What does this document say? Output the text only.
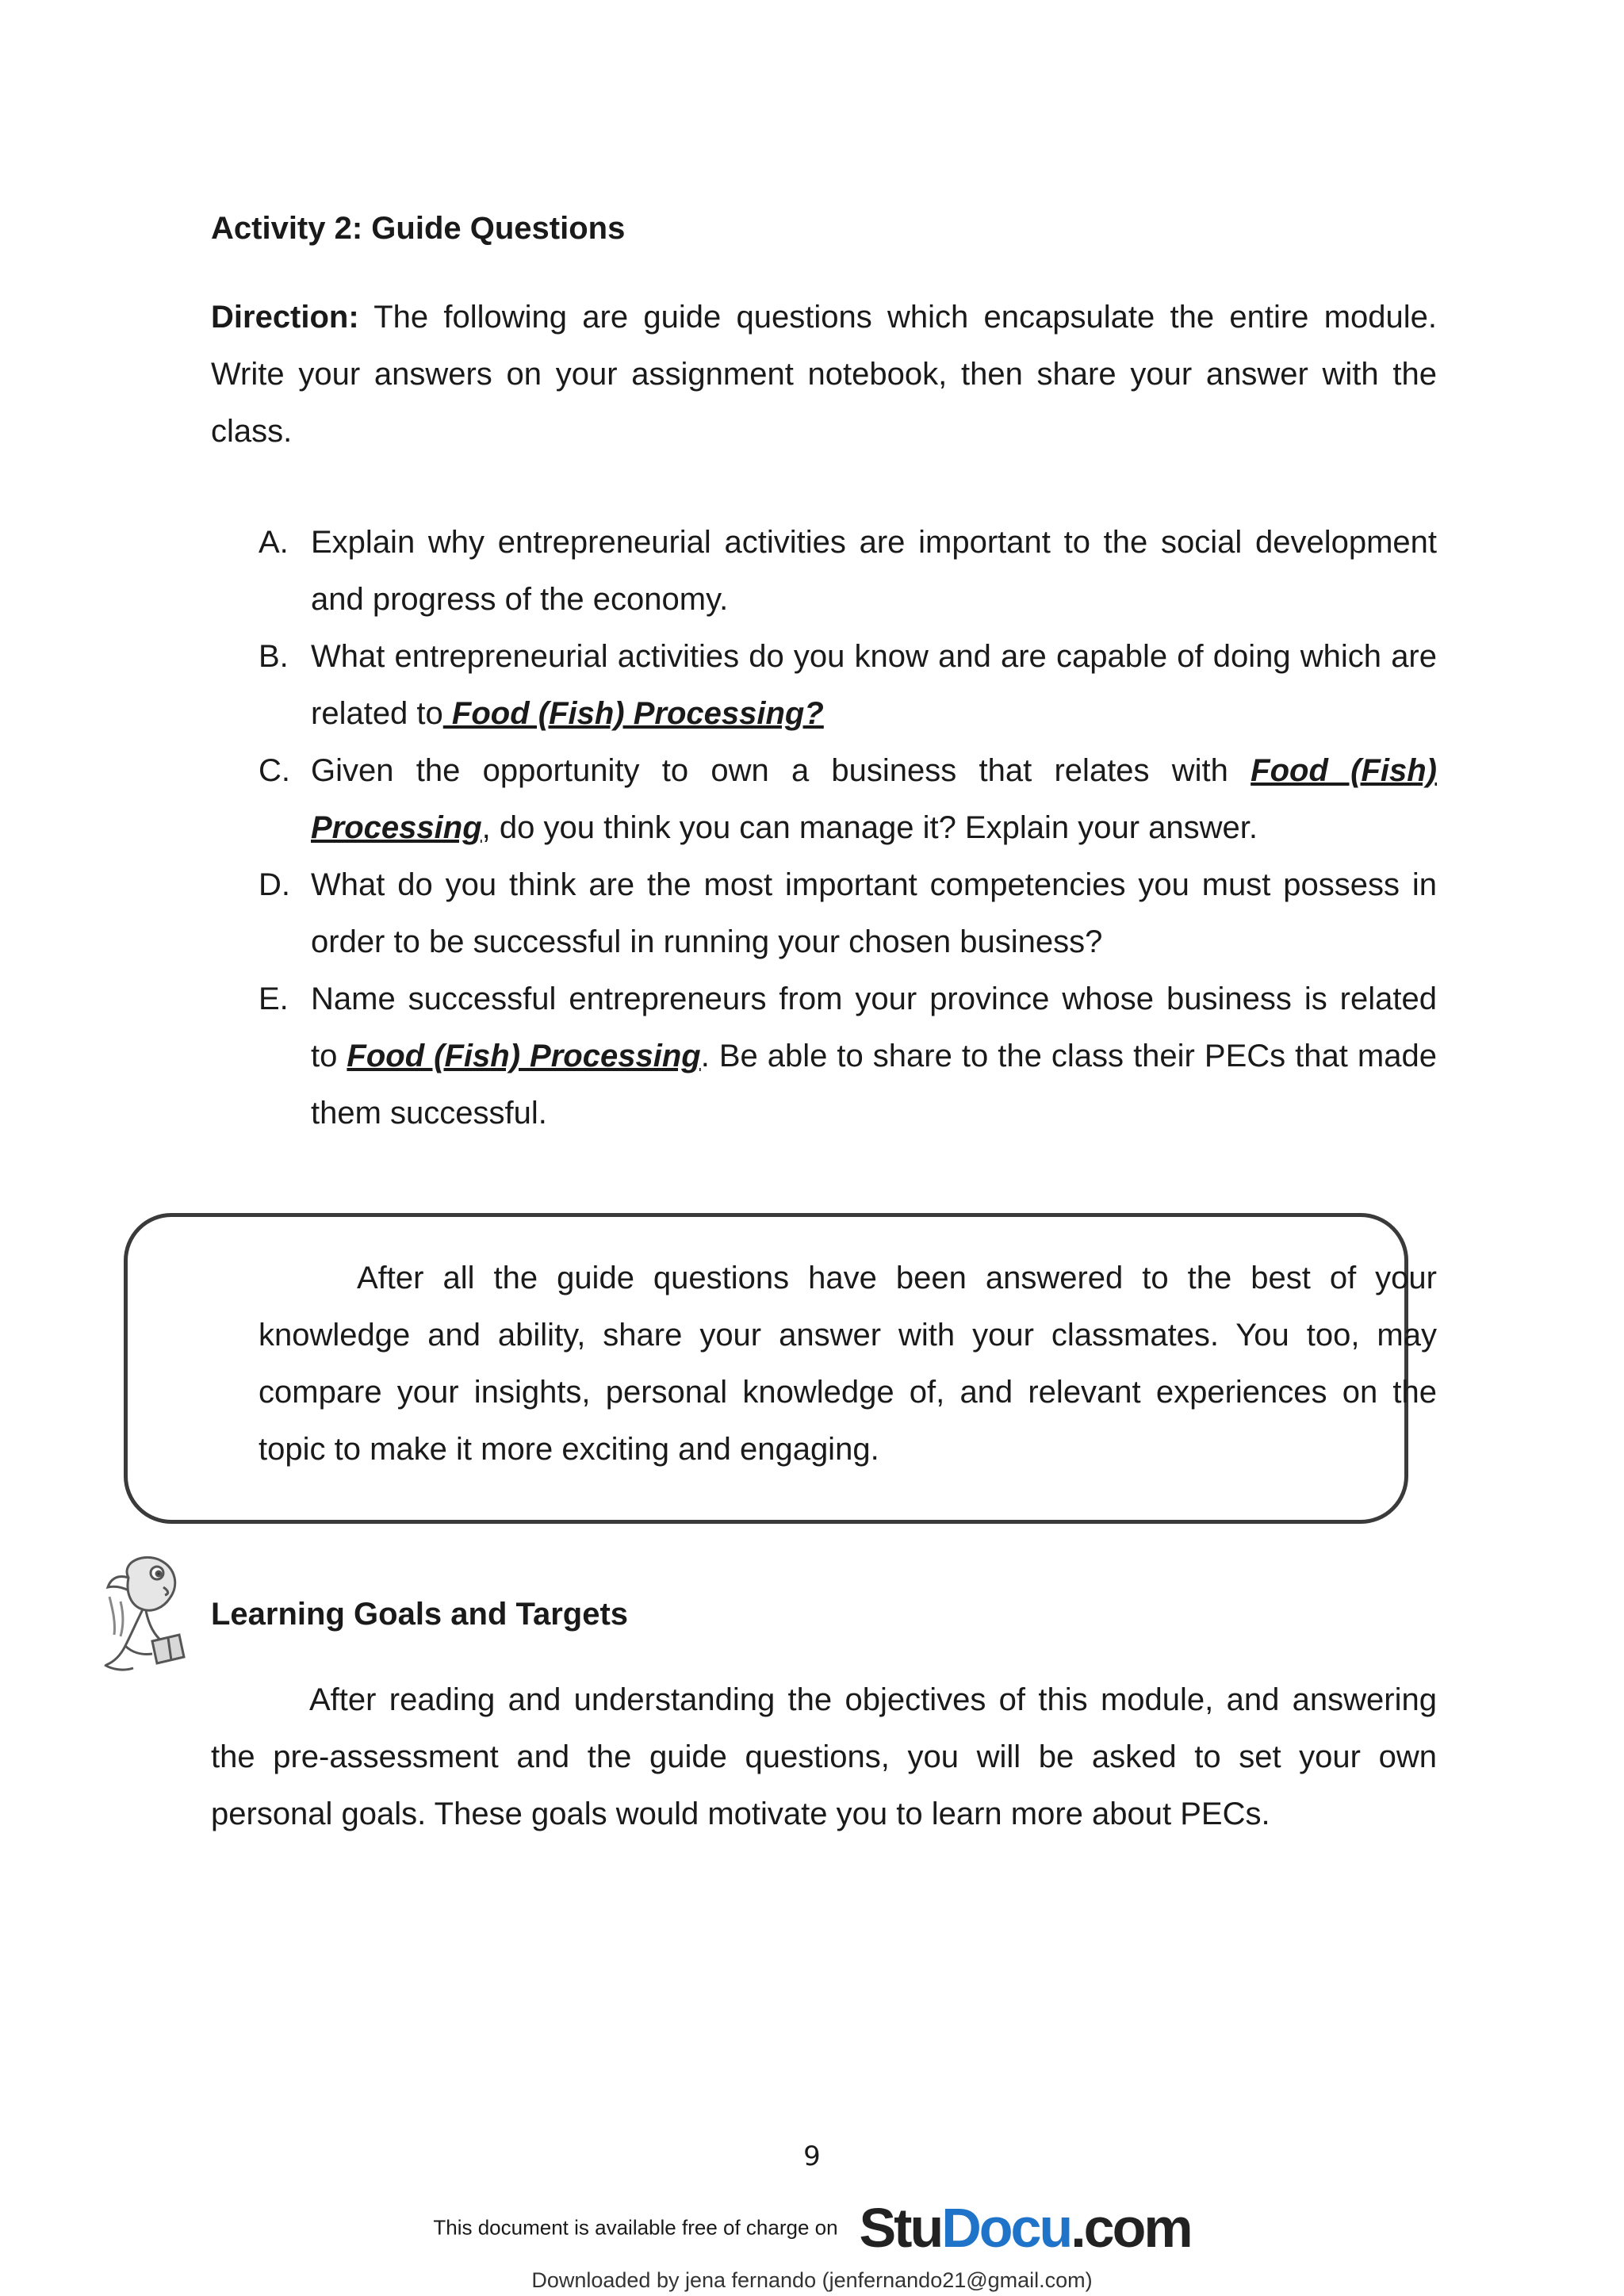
Activity 2: Guide Questions
Direction: The following are guide questions which encapsulate the entire module. Write your answers on your assignment notebook, then share your answer with the class.
A. Explain why entrepreneurial activities are important to the social development and progress of the economy.
B. What entrepreneurial activities do you know and are capable of doing which are related to Food (Fish) Processing?
C. Given the opportunity to own a business that relates with Food (Fish) Processing, do you think you can manage it? Explain your answer.
D. What do you think are the most important competencies you must possess in order to be successful in running your chosen business?
E. Name successful entrepreneurs from your province whose business is related to Food (Fish) Processing. Be able to share to the class their PECs that made them successful.
After all the guide questions have been answered to the best of your knowledge and ability, share your answer with your classmates. You too, may compare your insights, personal knowledge of, and relevant experiences on the topic to make it more exciting and engaging.
Learning Goals and Targets
After reading and understanding the objectives of this module, and answering the pre-assessment and the guide questions, you will be asked to set your own personal goals. These goals would motivate you to learn more about PECs.
9
This document is available free of charge on StuDocu.com
Downloaded by jena fernando (jenfernando21@gmail.com)
